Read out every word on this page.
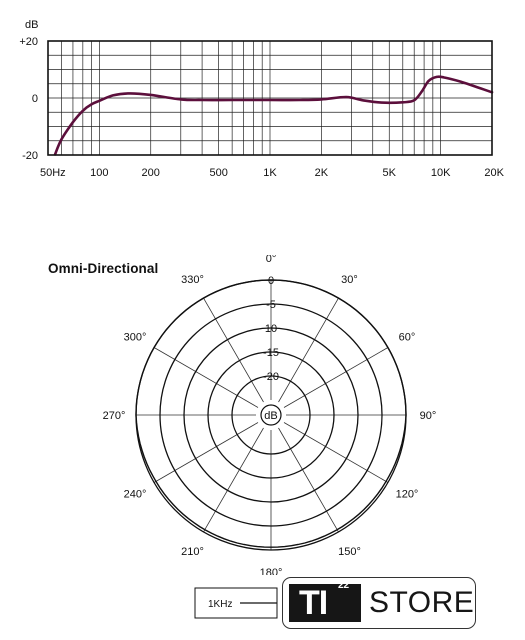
dB
+20
0
-20
50Hz 100	200	500	1K	2K	5K	10K	20K
Omni-Directional
0
-5
10
-15
-20
dB
0°
30°
60°
90°
120°
150°
180°
210°
240°
270°
300°
330°
1KHz TI	22
STORE
